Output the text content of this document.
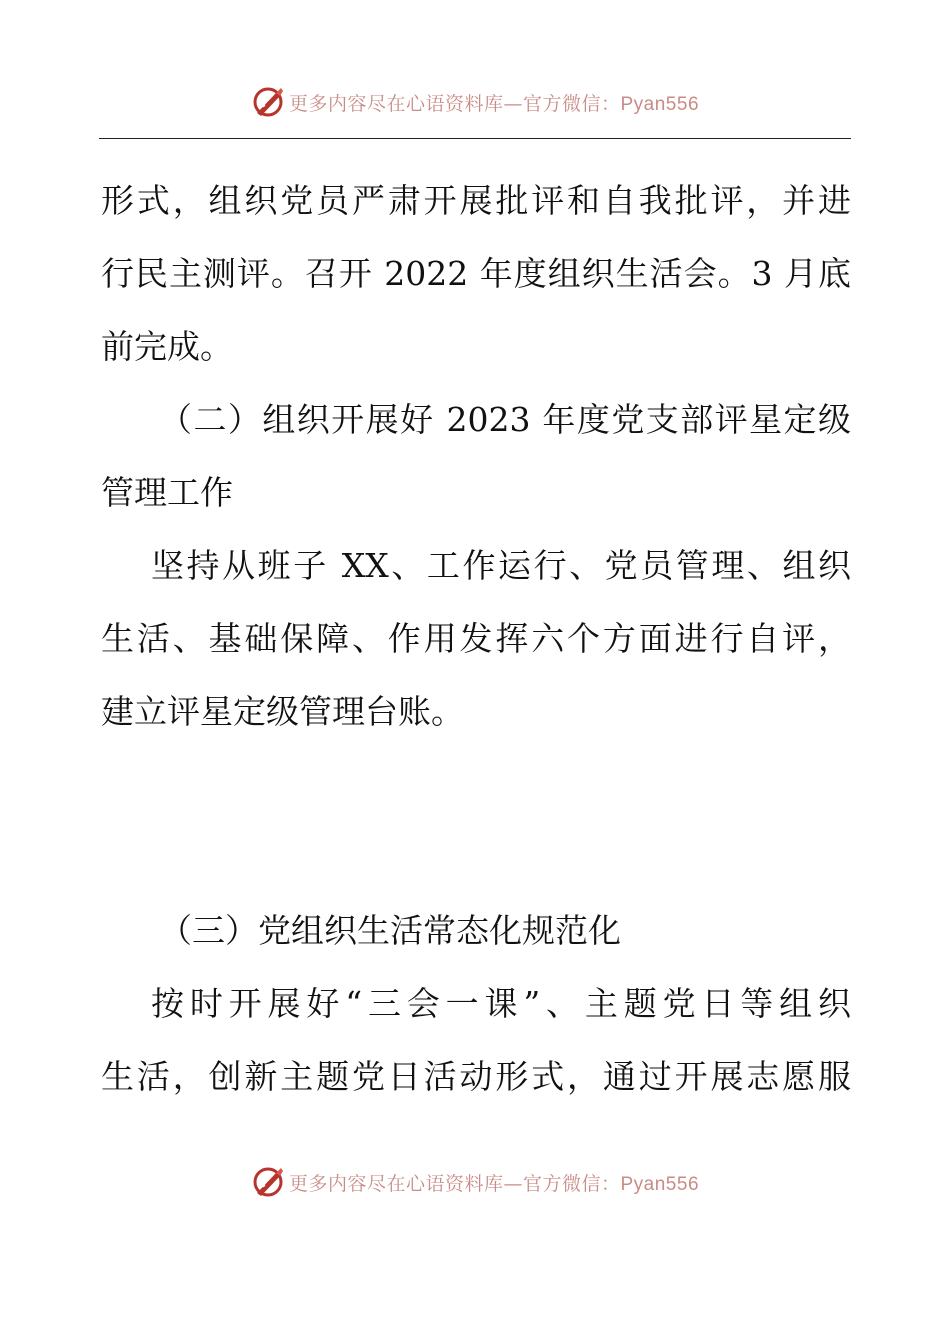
更多内容尽在心语资料库—官方微信：Pyan556
形式，组织党员严肃开展批评和自我批评，并进
行民主测评。召开 2022 年度组织生活会。3 月底
前完成。
（二）组织开展好 2023 年度党支部评星定级
管理工作
坚持从班子 XX、工作运行、党员管理、组织
生活、基础保障、作用发挥六个方面进行自评，
建立评星定级管理台账。
（三）党组织生活常态化规范化
按时开展好“三会一课”、主题党日等组织
生活，创新主题党日活动形式，通过开展志愿服
更多内容尽在心语资料库—官方微信：Pyan556
